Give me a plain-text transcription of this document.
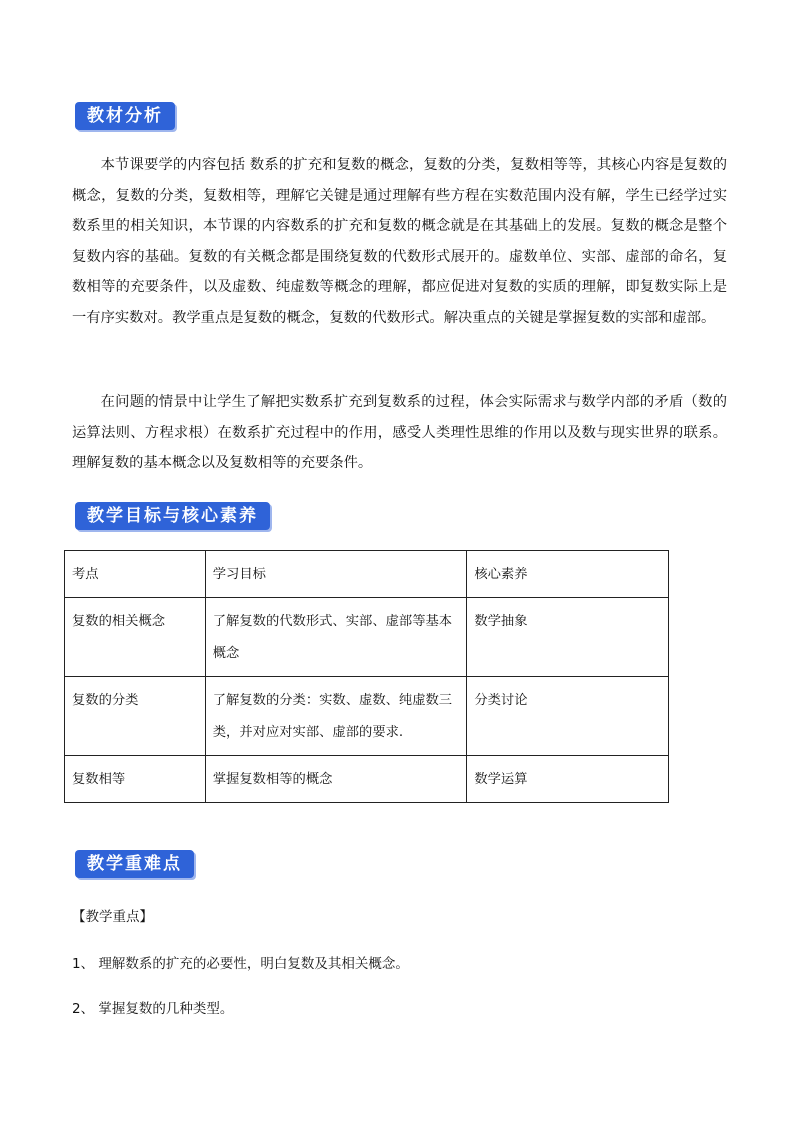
教材分析

本节课要学的内容包括 数系的扩充和复数的概念，复数的分类，复数相等等，其核心内容是复数的概念，复数的分类，复数相等，理解它关键是通过理解有些方程在实数范围内没有解，学生已经学过实数系里的相关知识，本节课的内容数系的扩充和复数的概念就是在其基础上的发展。复数的概念是整个复数内容的基础。复数的有关概念都是围绕复数的代数形式展开的。虚数单位、实部、虚部的命名，复数相等的充要条件，以及虚数、纯虚数等概念的理解，都应促进对复数的实质的理解，即复数实际上是一有序实数对。教学重点是复数的概念，复数的代数形式。解决重点的关键是掌握复数的实部和虚部。

在问题的情景中让学生了解把实数系扩充到复数系的过程，体会实际需求与数学内部的矛盾（数的运算法则、方程求根）在数系扩充过程中的作用，感受人类理性思维的作用以及数与现实世界的联系。理解复数的基本概念以及复数相等的充要条件。

教学目标与核心素养
考点	学习目标	核心素养
复数的相关概念	了解复数的代数形式、实部、虚部等基本概念	数学抽象
复数的分类	了解复数的分类：实数、虚数、纯虚数三类，并对应对实部、虚部的要求.	分类讨论
复数相等	掌握复数相等的概念	数学运算
教学重难点
【教学重点】
1、 理解数系的扩充的必要性，明白复数及其相关概念。
2、 掌握复数的几种类型。
